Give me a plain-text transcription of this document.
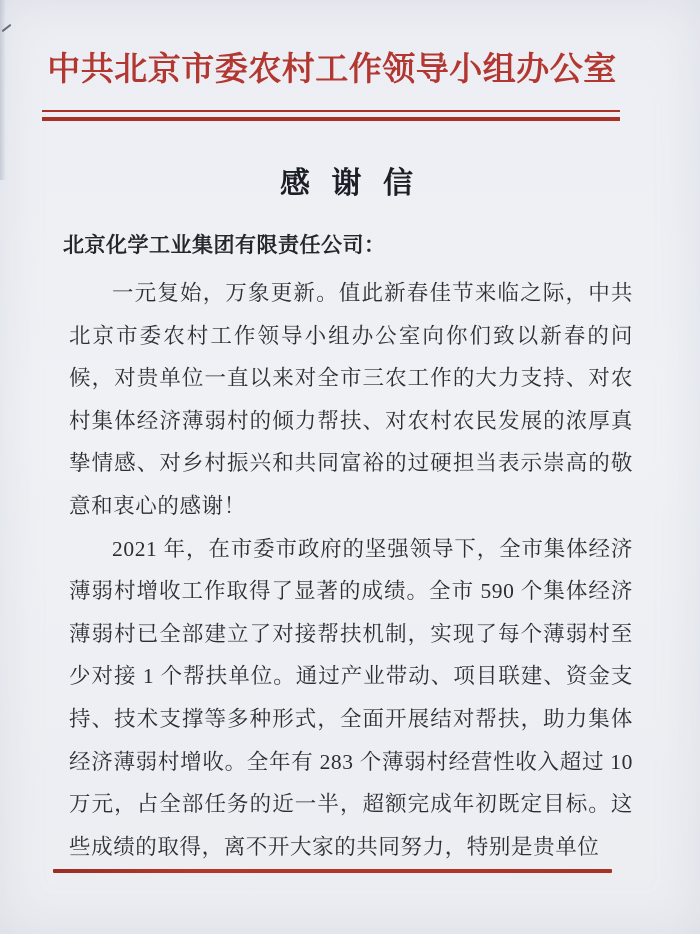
中共北京市委农村工作领导小组办公室
感 谢 信
北京化学工业集团有限责任公司：

一元复始，万象更新。值此新春佳节来临之际，中共北京市委农村工作领导小组办公室向你们致以新春的问候，对贵单位一直以来对全市三农工作的大力支持、对农村集体经济薄弱村的倾力帮扶、对农村农民发展的浓厚真挚情感、对乡村振兴和共同富裕的过硬担当表示崇高的敬意和衷心的感谢！

2021 年，在市委市政府的坚强领导下，全市集体经济薄弱村增收工作取得了显著的成绩。全市 590 个集体经济薄弱村已全部建立了对接帮扶机制，实现了每个薄弱村至少对接 1 个帮扶单位。通过产业带动、项目联建、资金支持、技术支撑等多种形式，全面开展结对帮扶，助力集体经济薄弱村增收。全年有 283 个薄弱村经营性收入超过 10 万元，占全部任务的近一半，超额完成年初既定目标。这些成绩的取得，离不开大家的共同努力，特别是贵单位
